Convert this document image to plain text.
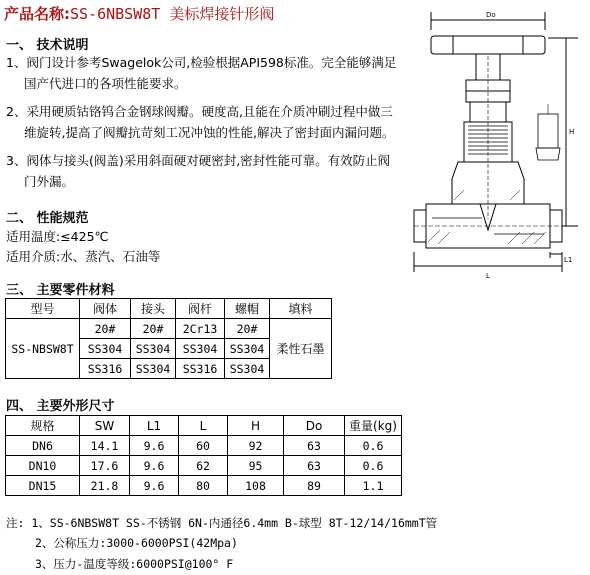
产品名称:SS-6NBSW8T 美标焊接针形阀
一、 技术说明
1、阀门设计参考Swagelok公司,检验根据API598标准。完全能够满足
国产代进口的各项性能要求。
2、采用硬质钴铬钨合金钢球阀瓣。硬度高,且能在介质冲刷过程中做三
维旋转,提高了阀瓣抗苛刻工况冲蚀的性能,解决了密封面内漏问题。
3、阀体与接头(阀盖)采用斜面硬对硬密封,密封性能可靠。有效防止阀
门外漏。
二、 性能规范
适用温度:≤425℃
适用介质:水、蒸汽、石油等
三、 主要零件材料
型号	阀体	接头	阀杆	螺帽	填料
SS-NBSW8T	20#	20#	2Cr13	20#	柔性石墨
	SS304	SS304	SS304	SS304	
	SS316	SS304	SS316	SS304	
四、 主要外形尺寸
规格	SW	L1	L	H	Do	重量(kg)
DN6	14.1	9.6	60	92	63	0.6
DN10	17.6	9.6	62	95	63	0.6
DN15	21.8	9.6	80	108	89	1.1
注: 1、SS-6NBSW8T SS-不锈钢 6N-内通径6.4mm B-球型 8T-12/14/16mmT管
2、公称压力:3000-6000PSI(42Mpa)
3、压力-温度等级:6000PSI@100° F
Do
H
L
L1
